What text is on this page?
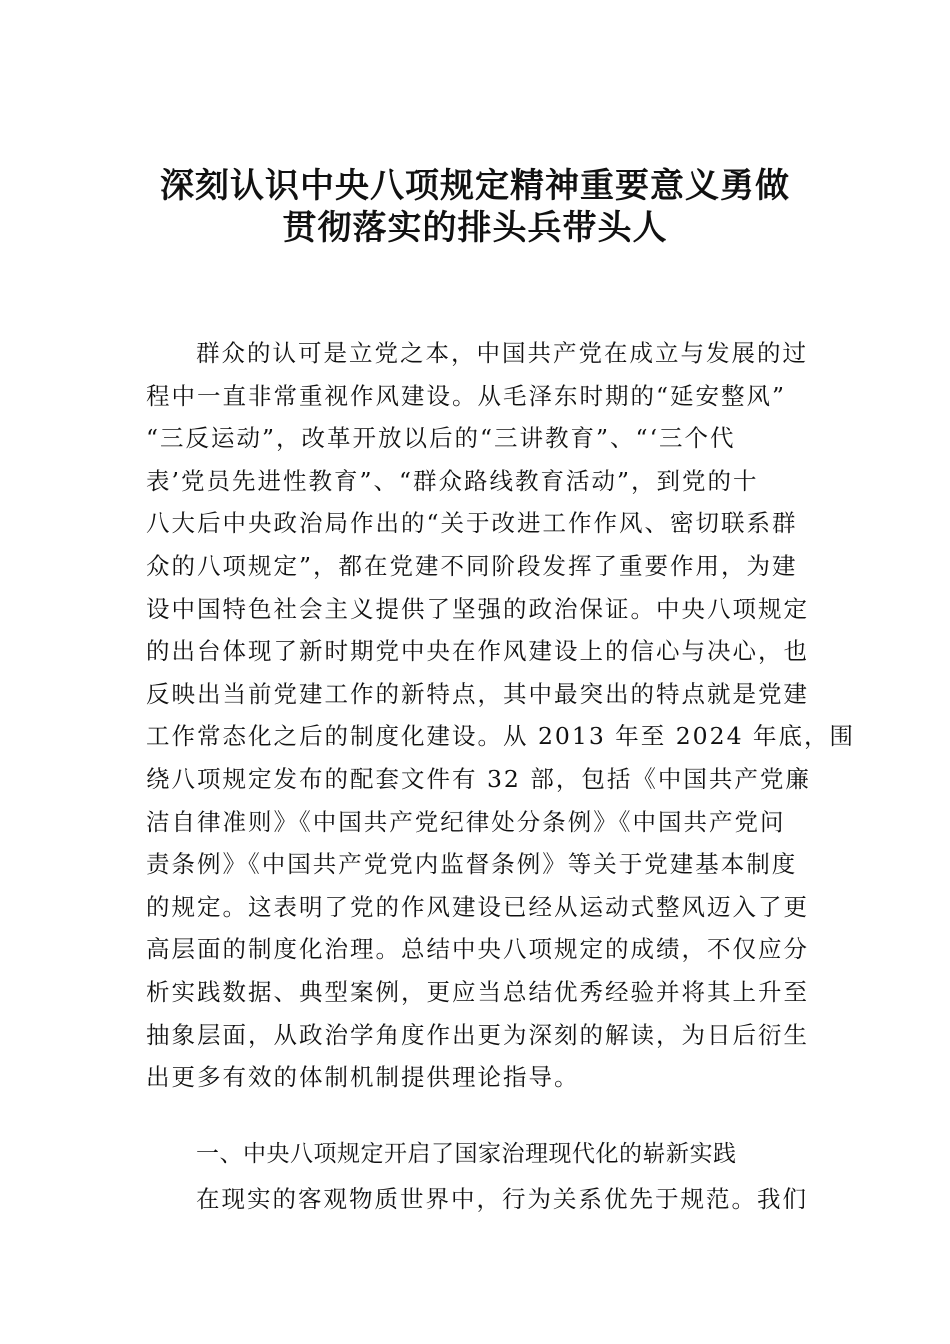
深刻认识中央八项规定精神重要意义勇做
贯彻落实的排头兵带头人
群众的认可是立党之本，中国共产党在成立与发展的过
程中一直非常重视作风建设。从毛泽东时期的“延安整风”
“三反运动”，改革开放以后的“三讲教育”、“‘三个代
表’党员先进性教育”、“群众路线教育活动”，到党的十
八大后中央政治局作出的“关于改进工作作风、密切联系群
众的八项规定”，都在党建不同阶段发挥了重要作用，为建
设中国特色社会主义提供了坚强的政治保证。中央八项规定
的出台体现了新时期党中央在作风建设上的信心与决心，也
反映出当前党建工作的新特点，其中最突出的特点就是党建
工作常态化之后的制度化建设。从 2013 年至 2024 年底，围
绕八项规定发布的配套文件有 32 部，包括《中国共产党廉
洁自律准则》《中国共产党纪律处分条例》《中国共产党问
责条例》《中国共产党党内监督条例》等关于党建基本制度
的规定。这表明了党的作风建设已经从运动式整风迈入了更
高层面的制度化治理。总结中央八项规定的成绩，不仅应分
析实践数据、典型案例，更应当总结优秀经验并将其上升至
抽象层面，从政治学角度作出更为深刻的解读，为日后衍生
出更多有效的体制机制提供理论指导。
一、中央八项规定开启了国家治理现代化的崭新实践
在现实的客观物质世界中，行为关系优先于规范。我们
